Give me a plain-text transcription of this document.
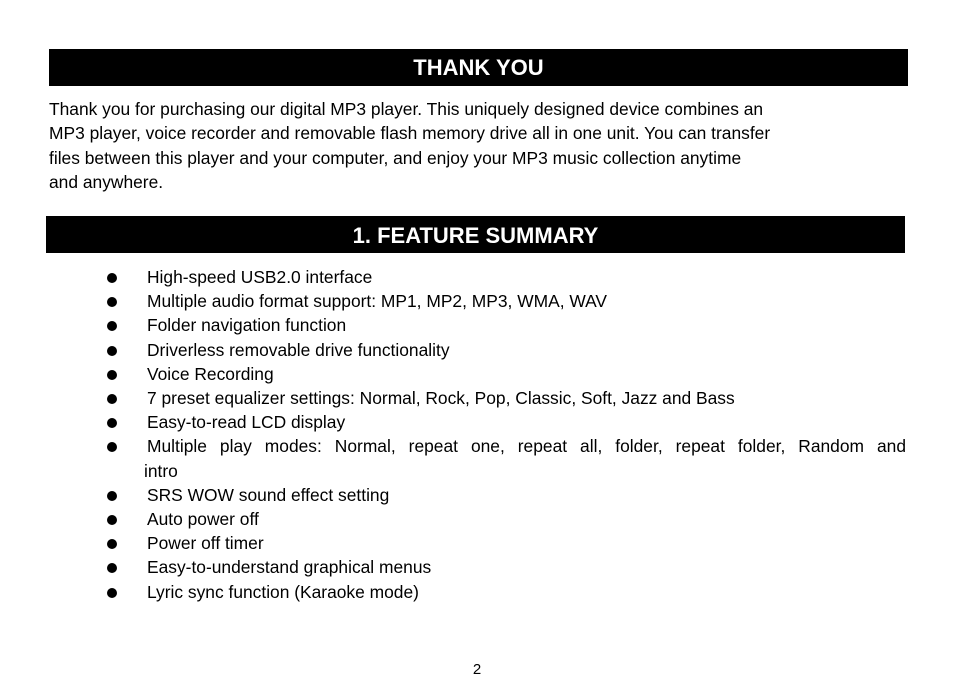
THANK YOU
Thank you for purchasing our digital MP3 player. This uniquely designed device combines an
MP3 player, voice recorder and removable flash memory drive all in one unit. You can transfer
files between this player and your computer, and enjoy your MP3 music collection anytime
and anywhere.
1. FEATURE SUMMARY
High-speed USB2.0 interface
Multiple audio format support: MP1, MP2, MP3, WMA, WAV
Folder navigation function
Driverless removable drive functionality
Voice Recording
7 preset equalizer settings: Normal, Rock, Pop, Classic, Soft, Jazz and Bass
Easy-to-read LCD display
Multiple play modes: Normal, repeat one, repeat all, folder, repeat folder, Random and
intro
SRS WOW sound effect setting
Auto power off
Power off timer
Easy-to-understand graphical menus
Lyric sync function (Karaoke mode)
2
